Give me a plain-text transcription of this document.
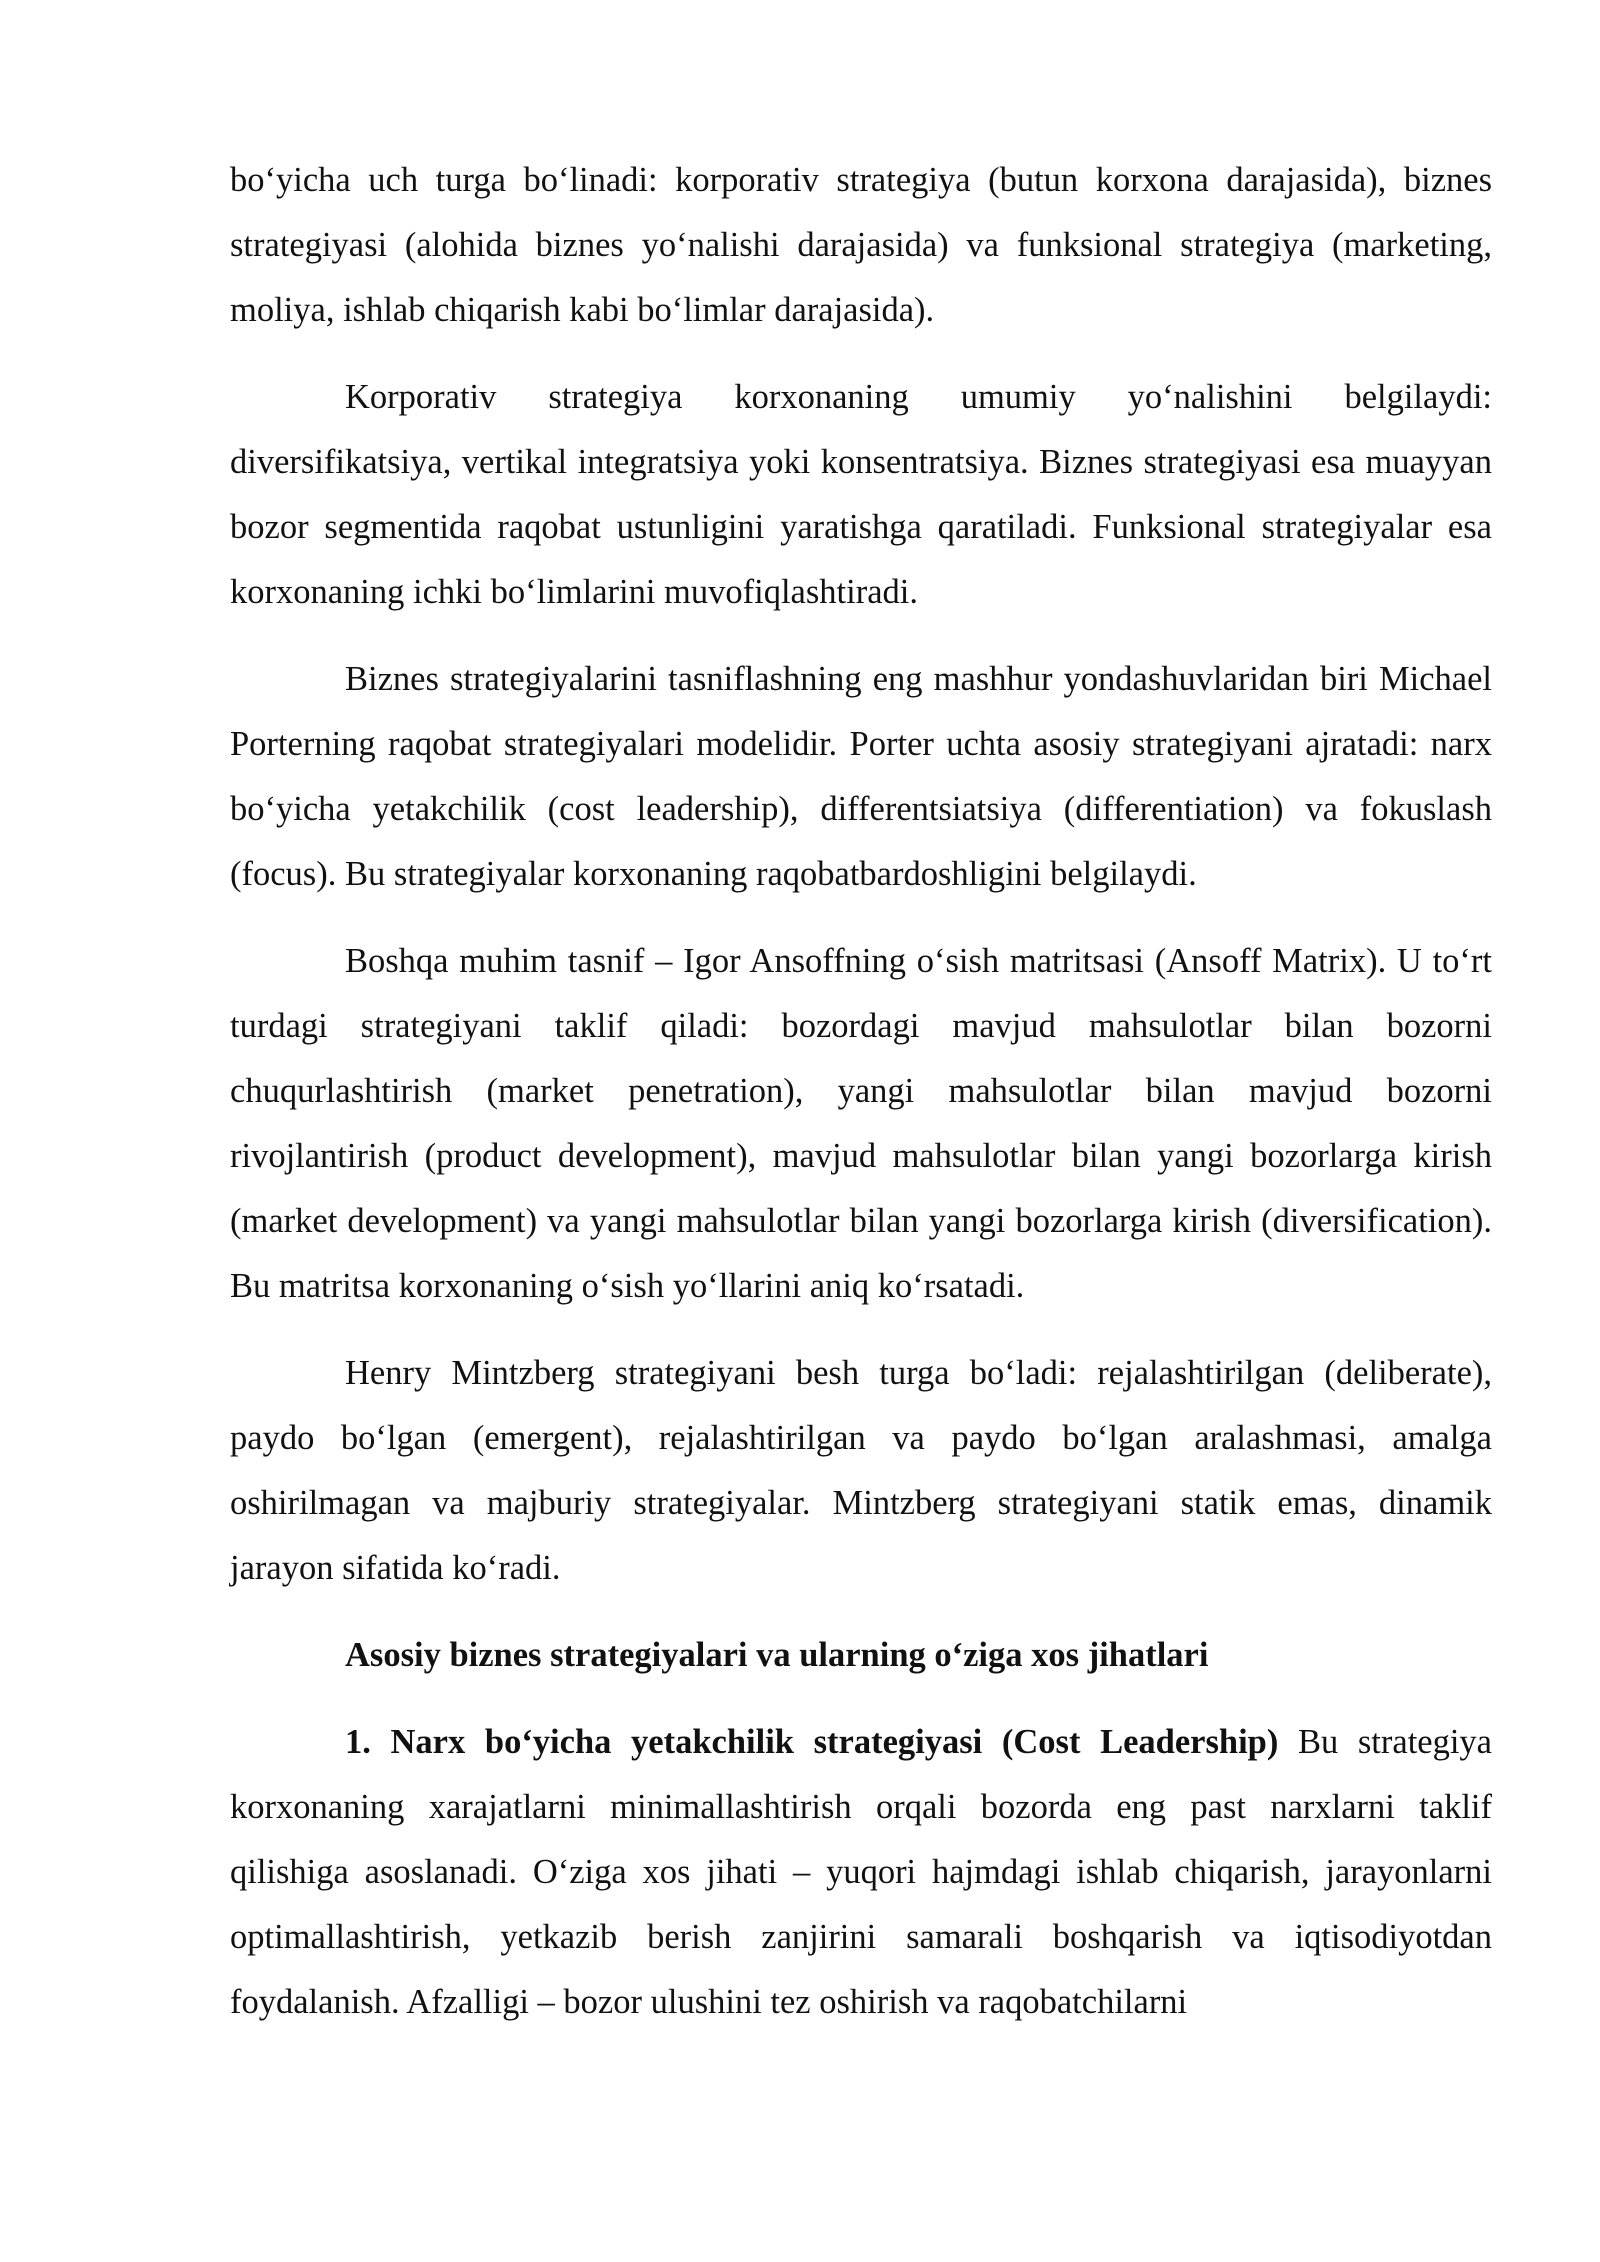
bo‘yicha uch turga bo‘linadi: korporativ strategiya (butun korxona darajasida), biznes strategiyasi (alohida biznes yo‘nalishi darajasida) va funksional strategiya (marketing, moliya, ishlab chiqarish kabi bo‘limlar darajasida).

Korporativ strategiya korxonaning umumiy yo‘nalishini belgilaydi: diversifikatsiya, vertikal integratsiya yoki konsentratsiya. Biznes strategiyasi esa muayyan bozor segmentida raqobat ustunligini yaratishga qaratiladi. Funksional strategiyalar esa korxonaning ichki bo‘limlarini muvofiqlashtiradi.

Biznes strategiyalarini tasniflashning eng mashhur yondashuvlaridan biri Michael Porterning raqobat strategiyalari modelidir. Porter uchta asosiy strategiyani ajratadi: narx bo‘yicha yetakchilik (cost leadership), differentsiatsiya (differentiation) va fokuslash (focus). Bu strategiyalar korxonaning raqobatbardoshligini belgilaydi.

Boshqa muhim tasnif – Igor Ansoffning o‘sish matritsasi (Ansoff Matrix). U to‘rt turdagi strategiyani taklif qiladi: bozordagi mavjud mahsulotlar bilan bozorni chuqurlashtirish (market penetration), yangi mahsulotlar bilan mavjud bozorni rivojlantirish (product development), mavjud mahsulotlar bilan yangi bozorlarga kirish (market development) va yangi mahsulotlar bilan yangi bozorlarga kirish (diversification). Bu matritsa korxonaning o‘sish yo‘llarini aniq ko‘rsatadi.

Henry Mintzberg strategiyani besh turga bo‘ladi: rejalashtirilgan (deliberate), paydo bo‘lgan (emergent), rejalashtirilgan va paydo bo‘lgan aralashmasi, amalga oshirilmagan va majburiy strategiyalar. Mintzberg strategiyani statik emas, dinamik jarayon sifatida ko‘radi.

Asosiy biznes strategiyalari va ularning o‘ziga xos jihatlari

1. Narx bo‘yicha yetakchilik strategiyasi (Cost Leadership) Bu strategiya korxonaning xarajatlarni minimallashtirish orqali bozorda eng past narxlarni taklif qilishiga asoslanadi. O‘ziga xos jihati – yuqori hajmdagi ishlab chiqarish, jarayonlarni optimallashtirish, yetkazib berish zanjirini samarali boshqarish va iqtisodiyotdan foydalanish. Afzalligi – bozor ulushini tez oshirish va raqobatchilarni
